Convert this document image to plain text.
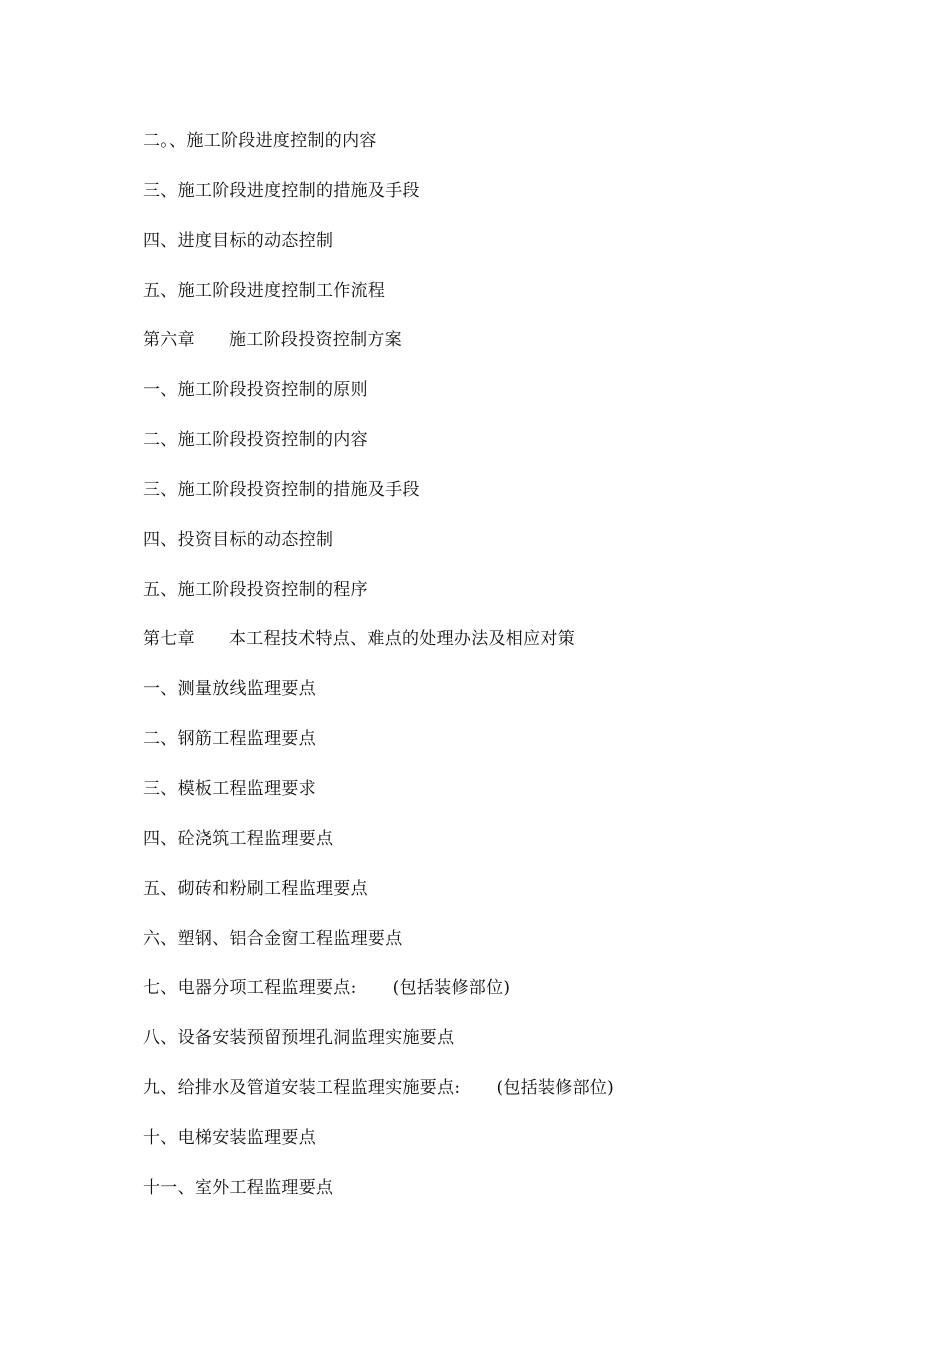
二。、施工阶段进度控制的内容
三、施工阶段进度控制的措施及手段
四、进度目标的动态控制
五、施工阶段进度控制工作流程
第六章 施工阶段投资控制方案
一、施工阶段投资控制的原则
二、施工阶段投资控制的内容
三、施工阶段投资控制的措施及手段
四、投资目标的动态控制
五、施工阶段投资控制的程序
第七章 本工程技术特点、难点的处理办法及相应对策
一、测量放线监理要点
二、钢筋工程监理要点
三、模板工程监理要求
四、砼浇筑工程监理要点
五、砌砖和粉刷工程监理要点
六、塑钢、铝合金窗工程监理要点
七、电器分项工程监理要点: (包括装修部位)
八、设备安装预留预埋孔洞监理实施要点
九、给排水及管道安装工程监理实施要点: (包括装修部位)
十、电梯安装监理要点
十一、室外工程监理要点
